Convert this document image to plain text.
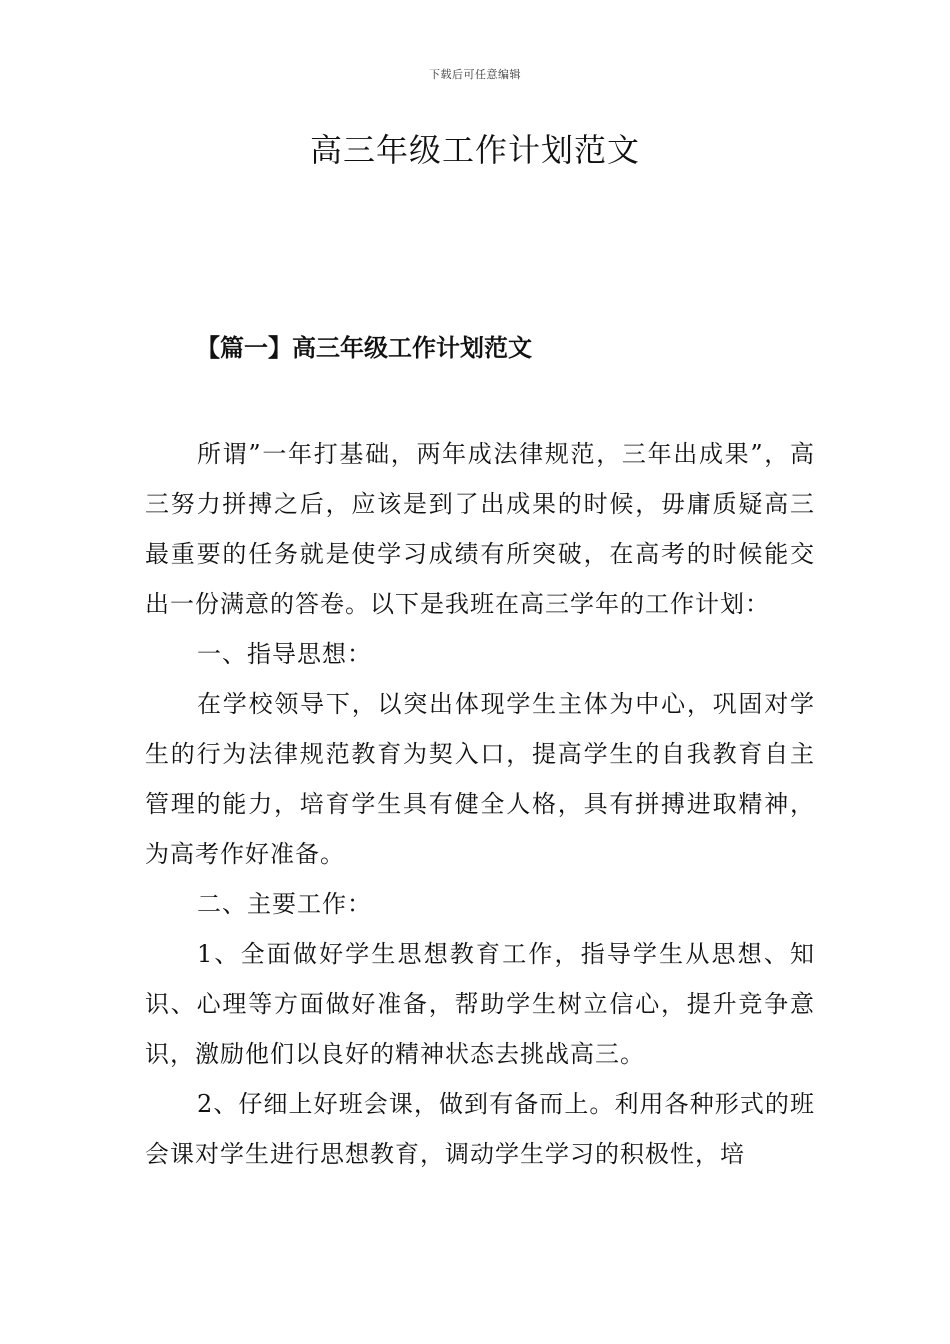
下载后可任意编辑

高三年级工作计划范文
【篇一】高三年级工作计划范文

所谓”一年打基础，两年成法律规范，三年出成果”，高三努力拼搏之后，应该是到了出成果的时候，毋庸质疑高三最重要的任务就是使学习成绩有所突破，在高考的时候能交出一份满意的答卷。以下是我班在高三学年的工作计划：

一、指导思想：

在学校领导下，以突出体现学生主体为中心，巩固对学生的行为法律规范教育为契入口，提高学生的自我教育自主管理的能力，培育学生具有健全人格，具有拼搏进取精神，为高考作好准备。

二、主要工作：

1、全面做好学生思想教育工作，指导学生从思想、知识、心理等方面做好准备，帮助学生树立信心，提升竞争意识，激励他们以良好的精神状态去挑战高三。

2、仔细上好班会课，做到有备而上。利用各种形式的班会课对学生进行思想教育，调动学生学习的积极性，培
